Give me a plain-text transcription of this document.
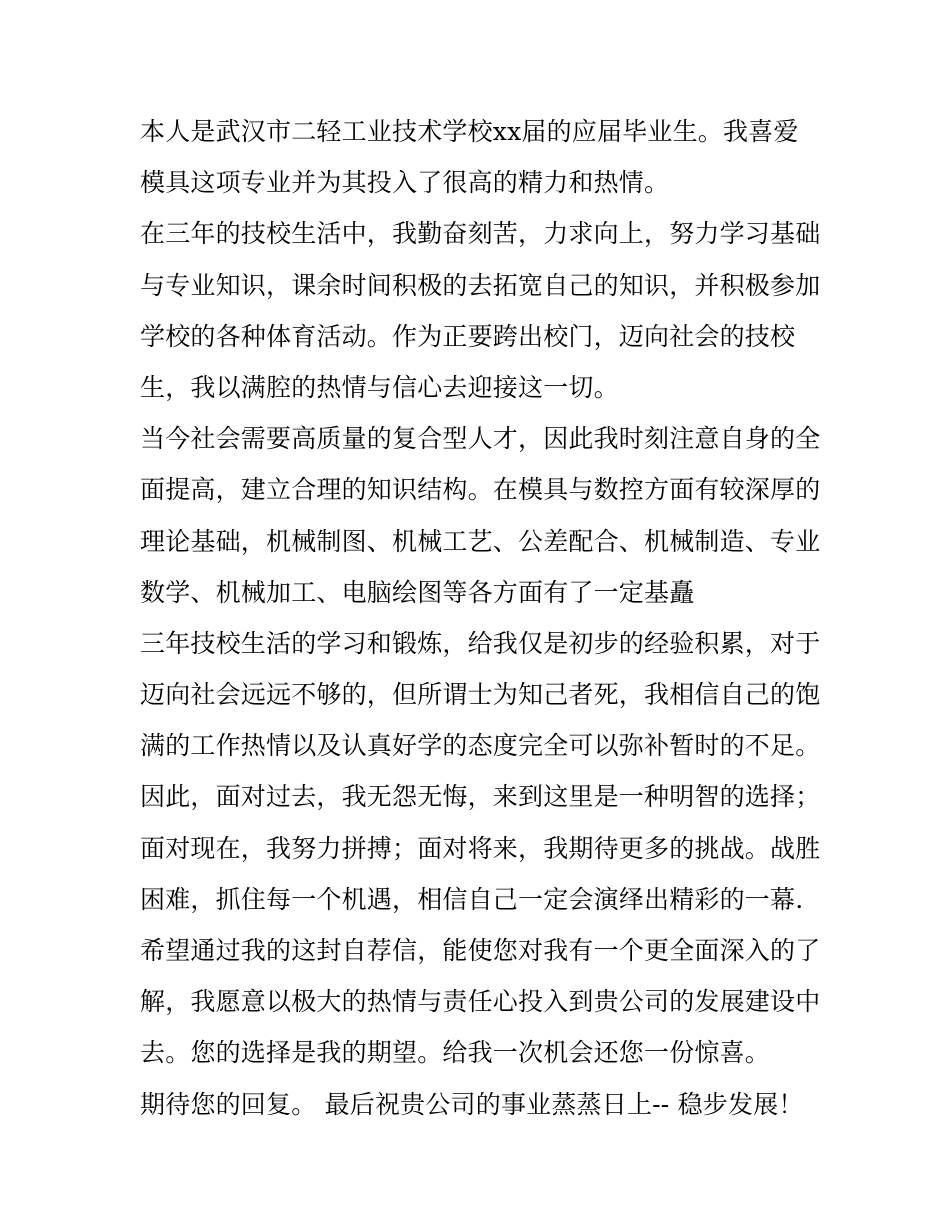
本人是武汉市二轻工业技术学校xx届的应届毕业生。我喜爱
模具这项专业并为其投入了很高的精力和热情。
在三年的技校生活中，我勤奋刻苦，力求向上，努力学习基础
与专业知识，课余时间积极的去拓宽自己的知识，并积极参加
学校的各种体育活动。作为正要跨出校门，迈向社会的技校
生，我以满腔的热情与信心去迎接这一切。
当今社会需要高质量的复合型人才，因此我时刻注意自身的全
面提高，建立合理的知识结构。在模具与数控方面有较深厚的
理论基础，机械制图、机械工艺、公差配合、机械制造、专业
数学、机械加工、电脑绘图等各方面有了一定基矗
三年技校生活的学习和锻炼，给我仅是初步的经验积累，对于
迈向社会远远不够的，但所谓士为知己者死，我相信自己的饱
满的工作热情以及认真好学的态度完全可以弥补暂时的不足。
因此，面对过去，我无怨无悔，来到这里是一种明智的选择；
面对现在，我努力拼搏；面对将来，我期待更多的挑战。战胜
困难，抓住每一个机遇，相信自己一定会演绎出精彩的一幕.
希望通过我的这封自荐信，能使您对我有一个更全面深入的了
解，我愿意以极大的热情与责任心投入到贵公司的发展建设中
去。您的选择是我的期望。给我一次机会还您一份惊喜。
期待您的回复。 最后祝贵公司的事业蒸蒸日上-- 稳步发展！
